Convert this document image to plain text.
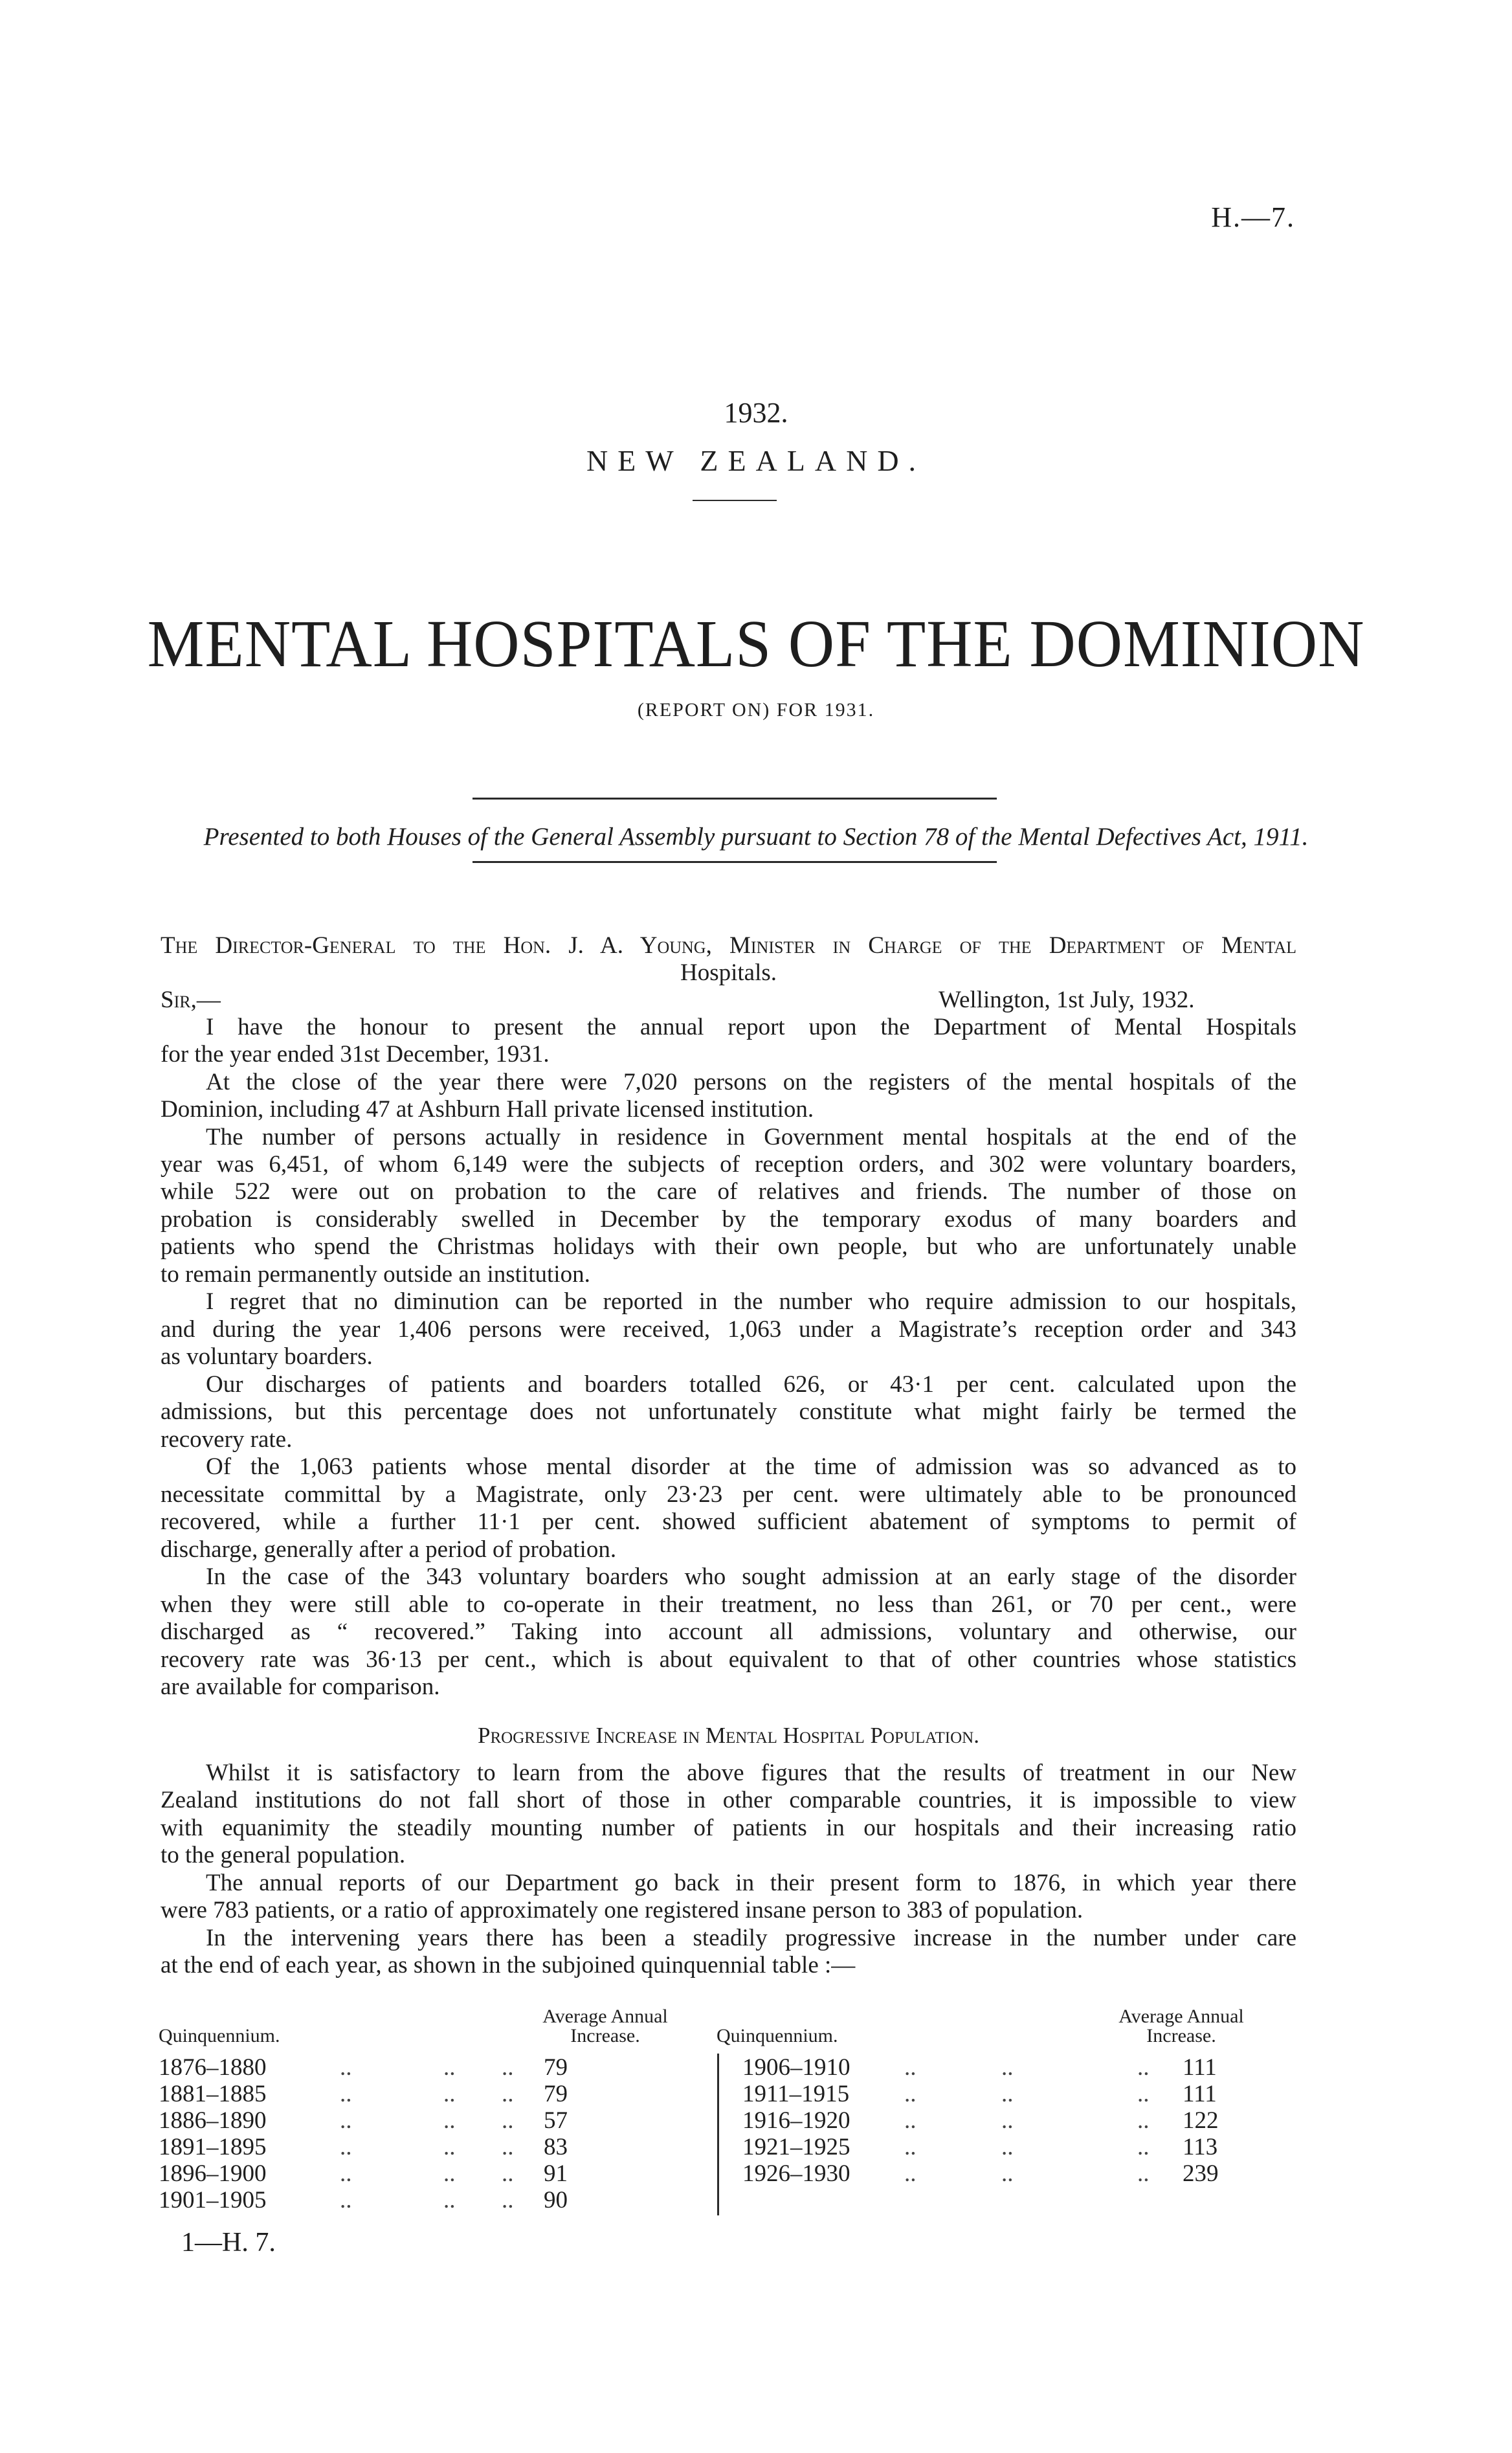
H.—7.
1932.
NEW ZEALAND.
MENTAL HOSPITALS OF THE DOMINION
(REPORT ON) FOR 1931.
Presented to both Houses of the General Assembly pursuant to Section 78 of the Mental Defectives Act, 1911.
The Director-General to the Hon. J. A. Young, Minister in Charge of the Department of Mental
Hospitals.
Sir,—	Wellington, 1st July, 1932.
I have the honour to present the annual report upon the Department of Mental Hospitals
for the year ended 31st December, 1931.
At the close of the year there were 7,020 persons on the registers of the mental hospitals of the
Dominion, including 47 at Ashburn Hall private licensed institution.
The number of persons actually in residence in Government mental hospitals at the end of the
year was 6,451, of whom 6,149 were the subjects of reception orders, and 302 were voluntary boarders,
while 522 were out on probation to the care of relatives and friends. The number of those on
probation is considerably swelled in December by the temporary exodus of many boarders and
patients who spend the Christmas holidays with their own people, but who are unfortunately unable
to remain permanently outside an institution.
I regret that no diminution can be reported in the number who require admission to our hospitals,
and during the year 1,406 persons were received, 1,063 under a Magistrate’s reception order and 343
as voluntary boarders.
Our discharges of patients and boarders totalled 626, or 43·1 per cent. calculated upon the
admissions, but this percentage does not unfortunately constitute what might fairly be termed the
recovery rate.
Of the 1,063 patients whose mental disorder at the time of admission was so advanced as to
necessitate committal by a Magistrate, only 23·23 per cent. were ultimately able to be pronounced
recovered, while a further 11·1 per cent. showed sufficient abatement of symptoms to permit of
discharge, generally after a period of probation.
In the case of the 343 voluntary boarders who sought admission at an early stage of the disorder
when they were still able to co-operate in their treatment, no less than 261, or 70 per cent., were
discharged as “ recovered.” Taking into account all admissions, voluntary and otherwise, our
recovery rate was 36·13 per cent., which is about equivalent to that of other countries whose statistics
are available for comparison.
Progressive Increase in Mental Hospital Population.
Whilst it is satisfactory to learn from the above figures that the results of treatment in our New
Zealand institutions do not fall short of those in other comparable countries, it is impossible to view
with equanimity the steadily mounting number of patients in our hospitals and their increasing ratio
to the general population.
The annual reports of our Department go back in their present form to 1876, in which year there
were 783 patients, or a ratio of approximately one registered insane person to 383 of population.
In the intervening years there has been a steadily progressive increase in the number under care
at the end of each year, as shown in the subjoined quinquennial table :—
Quinquennium.
Average Annual
Increase.
1876–1880	..	.. .. 79
1881–1885	..	.. .. 79
1886–1890	..	.. .. 57
1891–1895	..	.. .. 83
1896–1900	..	.. .. 91
1901–1905	..	.. .. 90
Quinquennium.
Average Annual
Increase.
1906–1910 ..	..	.. 111
1911–1915 ..	..	.. 111
1916–1920 ..	..	.. 122
1921–1925 ..	..	.. 113
1926–1930 ..	..	.. 239
1—H. 7.
